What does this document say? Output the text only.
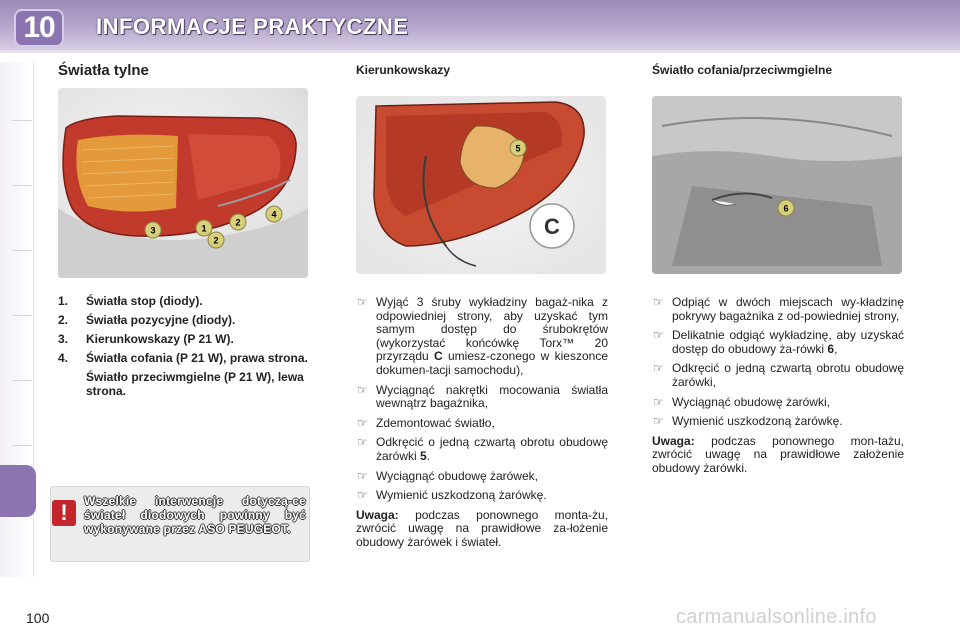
10	INFORMACJE PRAKTYCZNE
Światła tylne	Kierunkowskazy	Światło cofania/przeciwmgielne
3	1
2
2
4	C
5
6
1.	Światła stop (diody).
2.	Światła pozycyjne (diody).
3.	Kierunkowskazy (P 21 W).
4.	Światła cofania (P 21 W), prawa strona.
Światło przeciwmgielne (P 21 W), lewa strona.
!	Wszelkie interwencje dotyczą-ce świateł diodowych powinny być wykonywane przez ASO PEUGEOT.
☞ Wyjąć 3 śruby wykładziny bagaż-nika z odpowiedniej strony, aby uzyskać tym samym dostęp do śrubokrętów (wykorzystać końcówkę Torx™ 20 przyrządu C umiesz-czonego w kieszonce dokumen-tacji samochodu),
☞ Wyciągnąć nakrętki mocowania światła wewnątrz bagażnika,
☞ Zdemontować światło,
☞ Odkręcić o jedną czwartą obrotu obudowę żarówki 5.
☞ Wyciągnąć obudowę żarówek,
☞ Wymienić uszkodzoną żarówkę.
Uwaga: podczas ponownego monta-żu, zwrócić uwagę na prawidłowe za-łożenie obudowy żarówek i świateł.
☞ Odpiąć w dwóch miejscach wy-kładzinę pokrywy bagażnika z od-powiedniej strony,
☞ Delikatnie odgiąć wykładzinę, aby uzyskać dostęp do obudowy ża-rówki 6,
☞ Odkręcić o jedną czwartą obrotu obudowę żarówki,
☞ Wyciągnąć obudowę żarówki,
☞ Wymienić uszkodzoną żarówkę.
Uwaga: podczas ponownego mon-tażu, zwrócić uwagę na prawidłowe założenie obudowy żarówki.
100	carmanualsonline.info
